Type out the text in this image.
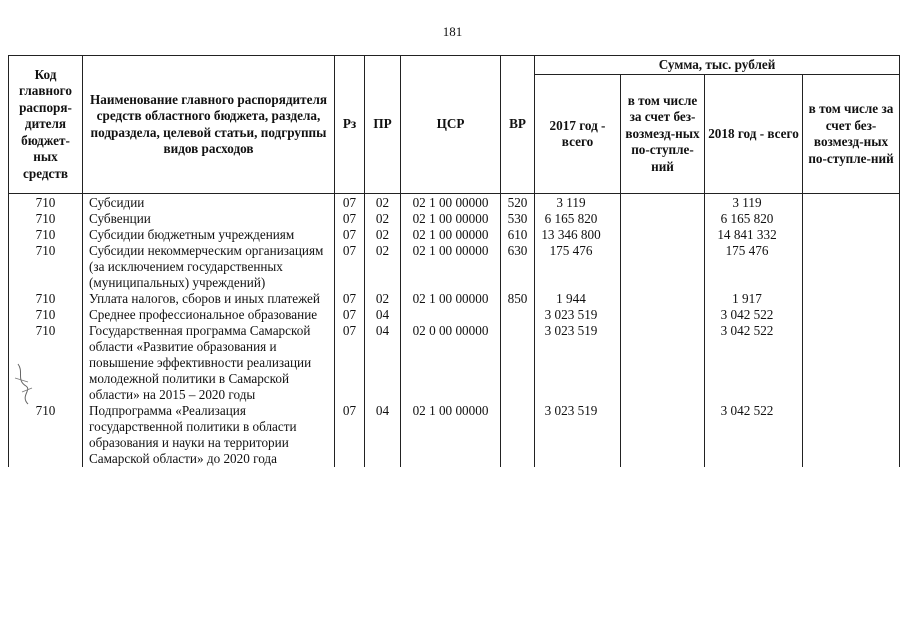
181
Код главного распоря-дителя бюджет-ных средств	Наименование главного распорядителя средств областного бюджета, раздела, подраздела, целевой статьи, подгруппы видов расходов	Рз	ПР	ЦСР	ВР	Сумма, тыс. рублей			
						2017 год - всего	в том числе за счет без-возмезд-ных по-ступле-ний	2018 год - всего	в том числе за счет без-возмезд-ных по-ступле-ний
710	Субсидии	07	02	02 1 00 00000	520	3 119		3 119	
710	Субвенции	07	02	02 1 00 00000	530	6 165 820		6 165 820	
710	Субсидии бюджетным учреждениям	07	02	02 1 00 00000	610	13 346 800		14 841 332	
710	Субсидии некоммерческим организациям (за исключением государственных (муниципальных) учреждений)	07	02	02 1 00 00000	630	175 476		175 476	
710	Уплата налогов, сборов и иных платежей	07	02	02 1 00 00000	850	1 944		1 917	
710	Среднее профессиональное образование	07	04			3 023 519		3 042 522	
710	Государственная программа Самарской области «Развитие образования и повышение эффективности реализации молодежной политики в Самарской области» на 2015 – 2020 годы	07	04	02 0 00 00000		3 023 519		3 042 522	
710	Подпрограмма «Реализация государственной политики в области образования и науки на территории Самарской области» до 2020 года	07	04	02 1 00 00000		3 023 519		3 042 522	
